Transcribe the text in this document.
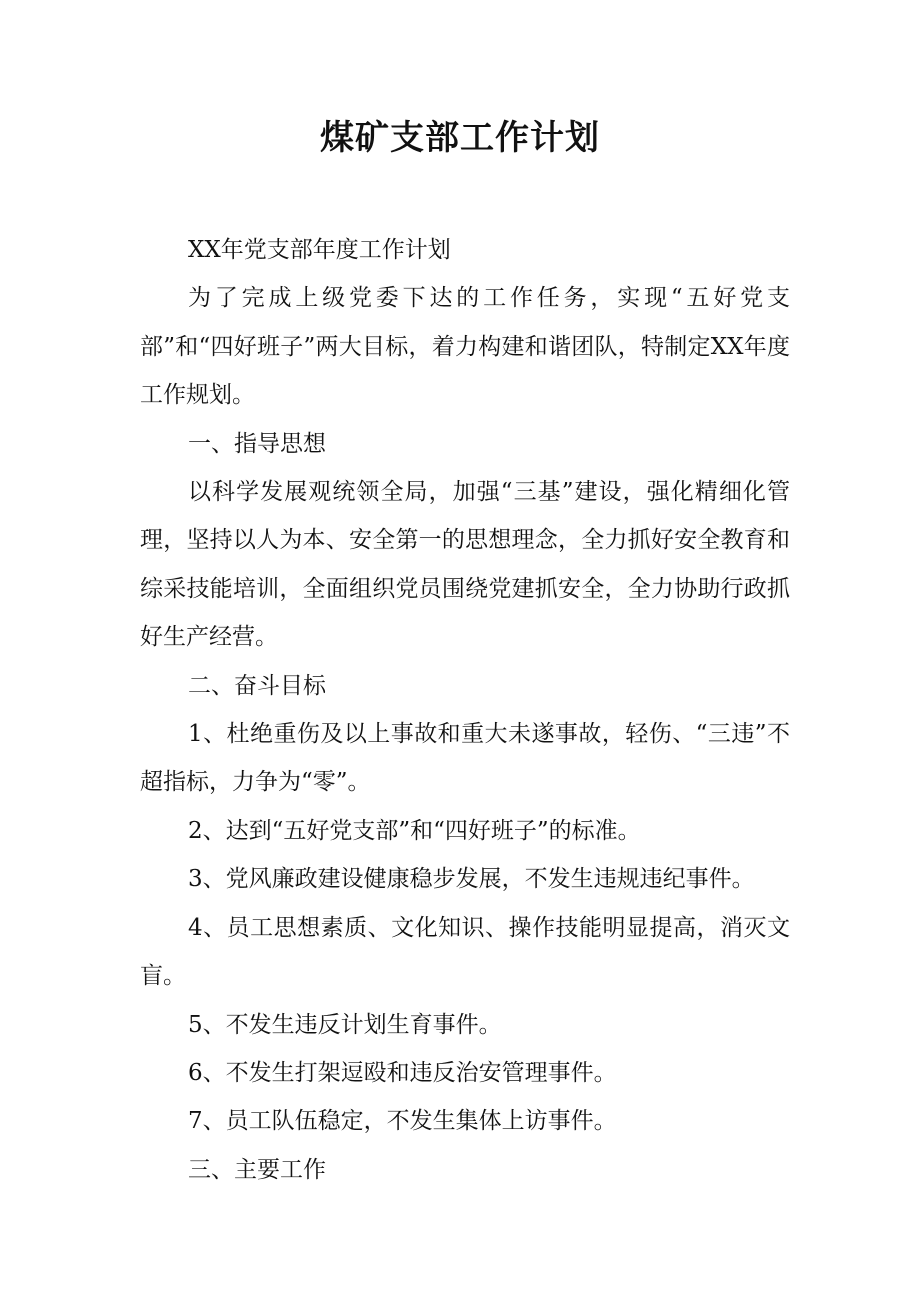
煤矿支部工作计划

XX年党支部年度工作计划

为了完成上级党委下达的工作任务，实现“五好党支部”和“四好班子”两大目标，着力构建和谐团队，特制定XX年度工作规划。

一、指导思想

以科学发展观统领全局，加强“三基”建设，强化精细化管理，坚持以人为本、安全第一的思想理念，全力抓好安全教育和综采技能培训，全面组织党员围绕党建抓安全，全力协助行政抓好生产经营。

二、奋斗目标

1、杜绝重伤及以上事故和重大未遂事故，轻伤、“三违”不超指标，力争为“零”。

2、达到“五好党支部”和“四好班子”的标准。

3、党风廉政建设健康稳步发展，不发生违规违纪事件。

4、员工思想素质、文化知识、操作技能明显提高，消灭文盲。

5、不发生违反计划生育事件。

6、不发生打架逗殴和违反治安管理事件。

7、员工队伍稳定，不发生集体上访事件。

三、主要工作
